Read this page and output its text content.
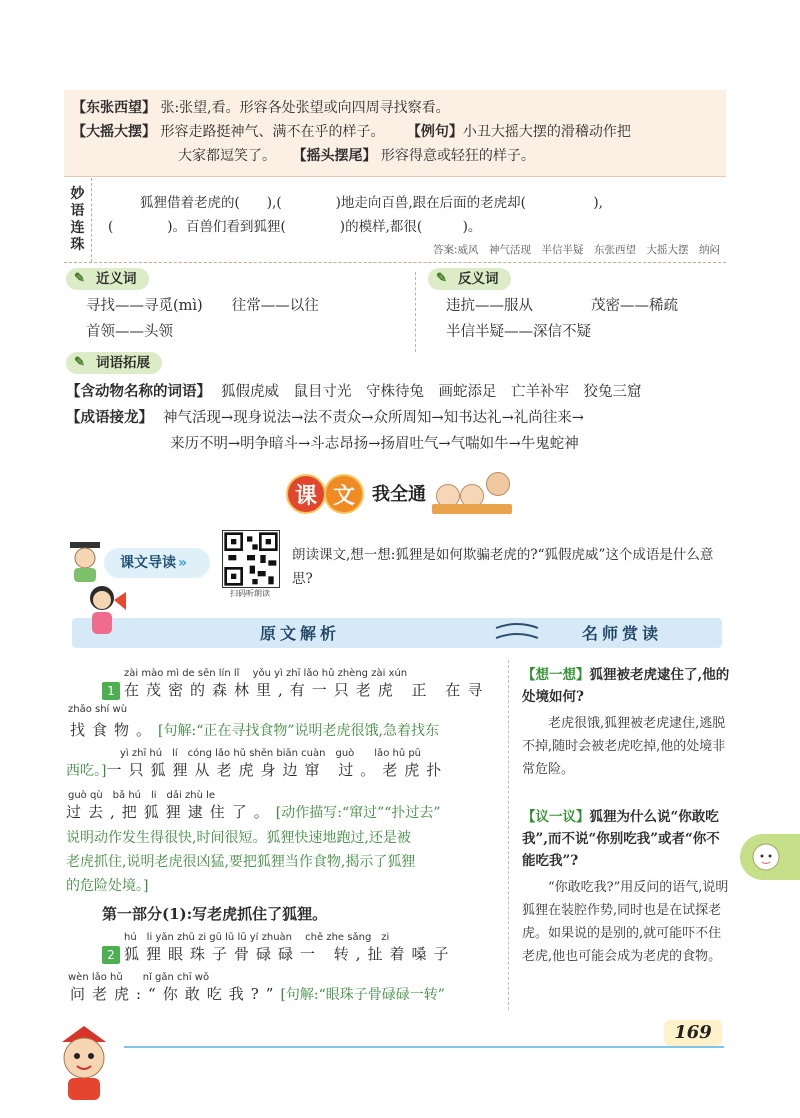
【东张西望】 张:张望,看。形容各处张望或向四周寻找察看。
【大摇大摆】 形容走路挺神气、满不在乎的样子。 【例句】小丑大摇大摆的滑稽动作把
大家都逗笑了。 【摇头摆尾】 形容得意或轻狂的样子。
妙
语
连
珠
狐狸借着老虎的(　　),(　　　　)地走向百兽,跟在后面的老虎却(　　　　　),
(　　　　)。百兽们看到狐狸(　　　　)的模样,都很(　　　)。
答案:威风　神气活现　半信半疑　东张西望　大摇大摆　纳闷
✎ 近义词
寻找——寻觅(mì)　　往常——以往
首领——头领
✎ 反义词
违抗——服从　　　　茂密——稀疏
半信半疑——深信不疑
✎ 词语拓展
【含动物名称的词语】 狐假虎威　鼠目寸光　守株待兔　画蛇添足　亡羊补牢　狡兔三窟
【成语接龙】 神气活现→现身说法→法不责众→众所周知→知书达礼→礼尚往来→
来历不明→明争暗斗→斗志昂扬→扬眉吐气→气喘如牛→牛鬼蛇神
课 文 我全通
课文导读 »
扫码听朗读
朗读课文,想一想:狐狸是如何欺骗老虎的?“狐假虎威”这个成语是什么意思?
原文解析	名师赏读
zài mào mì de sēn lín lǐ　 yǒu yì zhī lǎo hǔ zhèng zài xún
1 在茂密的森林里,有一只老虎 正 在寻
zhǎo shí wù
找食物。[句解:“正在寻找食物”说明老虎很饿,急着找东
yì zhī hú　lí　cóng lǎo hǔ shēn biān cuàn　guò　　lǎo hǔ pū
西吃。]一只狐狸从老虎身边窜 过。老虎扑
guò qù　bǎ hú　li　dǎi zhù le
过去,把狐狸逮住了。[动作描写:“窜过”“扑过去”
说明动作发生得很快,时间很短。狐狸快速地跑过,还是被
老虎抓住,说明老虎很凶猛,要把狐狸当作食物,揭示了狐狸
的危险处境。]
第一部分(1):写老虎抓住了狐狸。
hú　li yǎn zhū zi gū lū lū yí zhuàn　 chě zhe sǎng　zi
2 狐狸眼珠子骨碌碌一 转,扯着嗓子
wèn lǎo hǔ　　nǐ gǎn chī wǒ
问老虎:“你敢吃我?”[句解:“眼珠子骨碌碌一转”
【想一想】狐狸被老虎逮住了,他的处境如何?
老虎很饿,狐狸被老虎逮住,逃脱不掉,随时会被老虎吃掉,他的处境非常危险。
【议一议】狐狸为什么说“你敢吃我”,而不说“你别吃我”或者“你不能吃我”?
“你敢吃我?”用反问的语气,说明狐狸在装腔作势,同时也是在试探老虎。如果说的是别的,就可能吓不住老虎,他也可能会成为老虎的食物。
169
